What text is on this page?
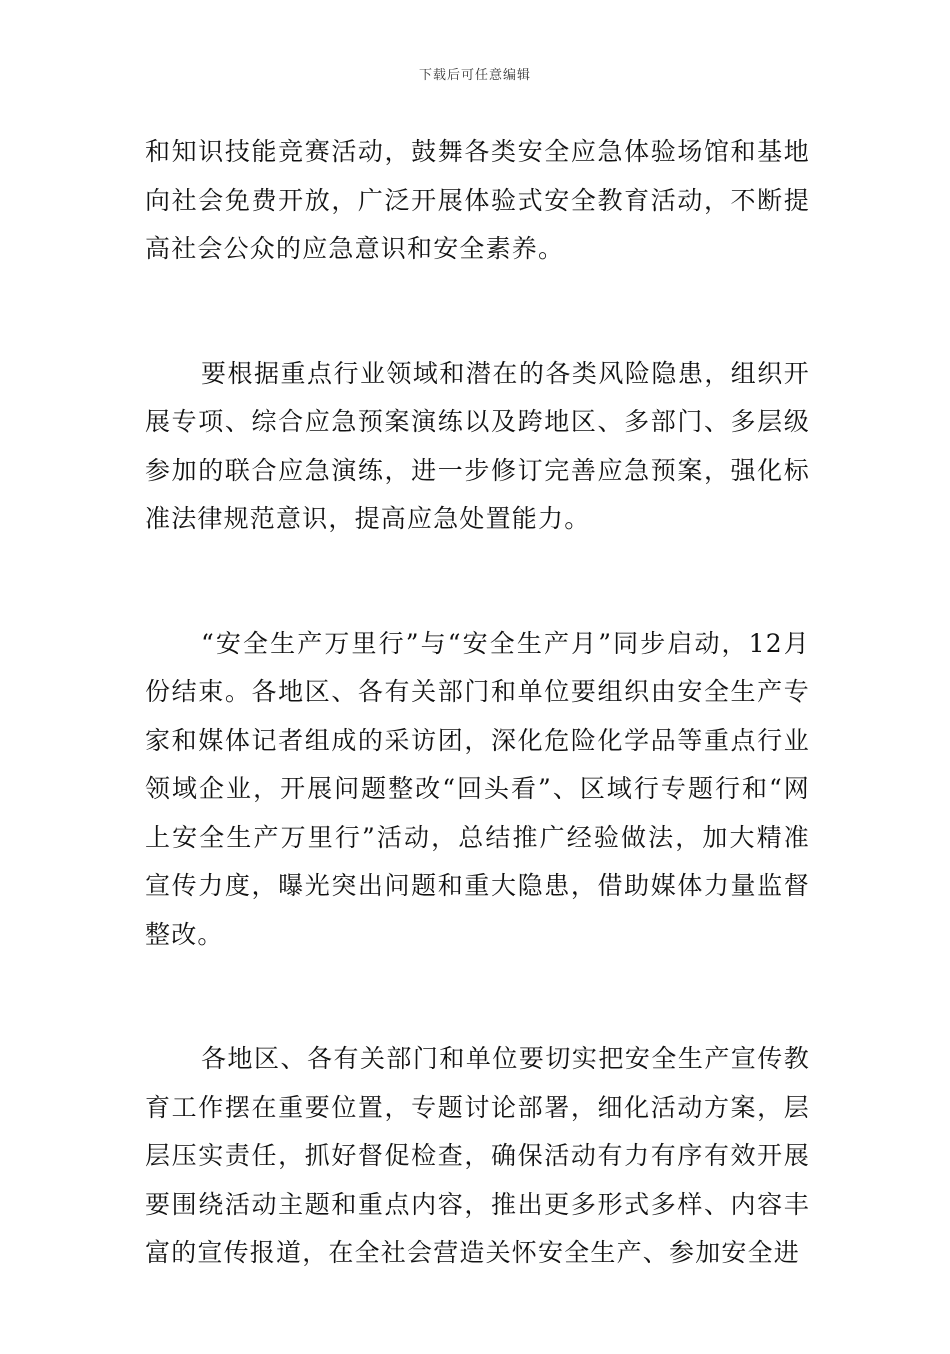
下载后可任意编辑

和知识技能竞赛活动，鼓舞各类安全应急体验场馆和基地向社会免费开放，广泛开展体验式安全教育活动，不断提高社会公众的应急意识和安全素养。

要根据重点行业领域和潜在的各类风险隐患，组织开展专项、综合应急预案演练以及跨地区、多部门、多层级参加的联合应急演练，进一步修订完善应急预案，强化标准法律规范意识，提高应急处置能力。

“安全生产万里行”与“安全生产月”同步启动，12月份结束。各地区、各有关部门和单位要组织由安全生产专家和媒体记者组成的采访团，深化危险化学品等重点行业领域企业，开展问题整改“回头看”、区域行专题行和“网上安全生产万里行”活动，总结推广经验做法，加大精准宣传力度，曝光突出问题和重大隐患，借助媒体力量监督整改。

各地区、各有关部门和单位要切实把安全生产宣传教育工作摆在重要位置，专题讨论部署，细化活动方案，层层压实责任，抓好督促检查，确保活动有力有序有效开展要围绕活动主题和重点内容，推出更多形式多样、内容丰富的宣传报道，在全社会营造关怀安全生产、参加安全进
